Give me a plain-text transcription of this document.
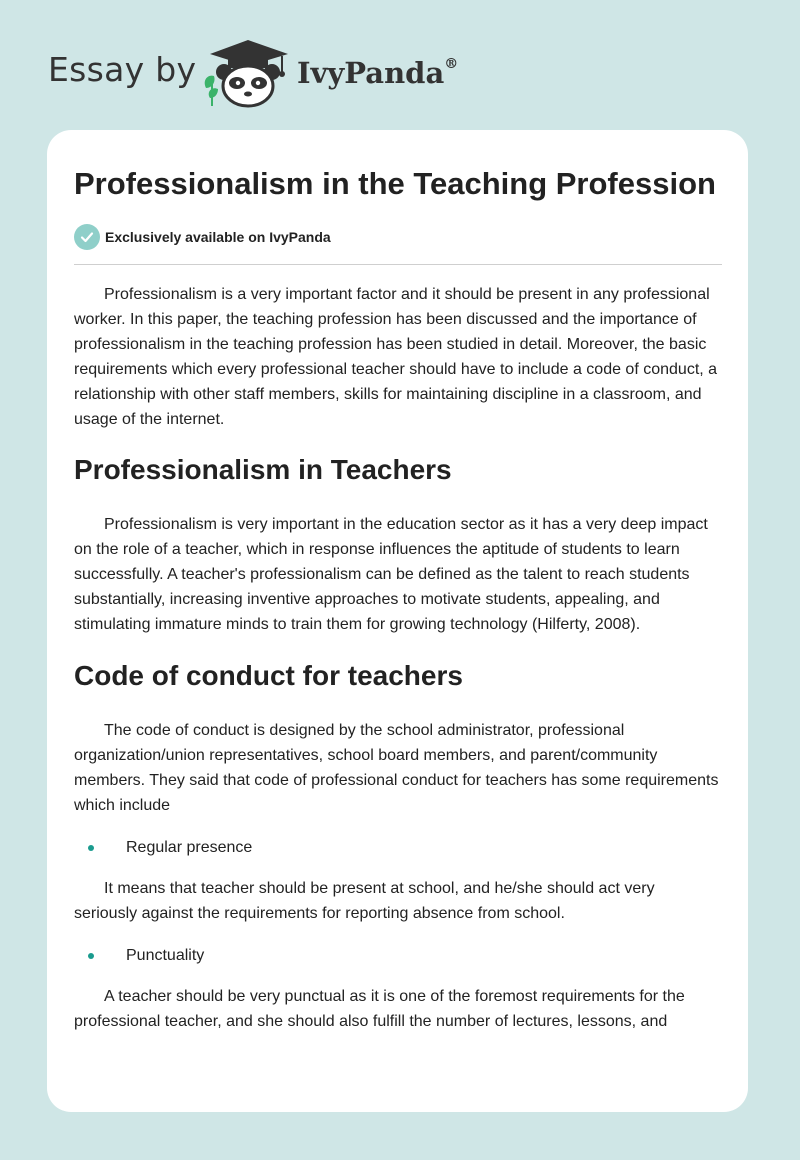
Essay by	IvyPanda®
Professionalism in the Teaching Profession
Exclusively available on IvyPanda

Professionalism is a very important factor and it should be present in any professional worker. In this paper, the teaching profession has been discussed and the importance of professionalism in the teaching profession has been studied in detail. Moreover, the basic requirements which every professional teacher should have to include a code of conduct, a relationship with other staff members, skills for maintaining discipline in a classroom, and usage of the internet.

Professionalism in Teachers

Professionalism is very important in the education sector as it has a very deep impact on the role of a teacher, which in response influences the aptitude of students to learn successfully. A teacher's professionalism can be defined as the talent to reach students substantially, increasing inventive approaches to motivate students, appealing, and stimulating immature minds to train them for growing technology (Hilferty, 2008).

Code of conduct for teachers

The code of conduct is designed by the school administrator, professional organization/union representatives, school board members, and parent/community members. They said that code of professional conduct for teachers has some requirements which include

Regular presence

It means that teacher should be present at school, and he/she should act very seriously against the requirements for reporting absence from school.

Punctuality

A teacher should be very punctual as it is one of the foremost requirements for the professional teacher, and she should also fulfill the number of lectures, lessons, and
